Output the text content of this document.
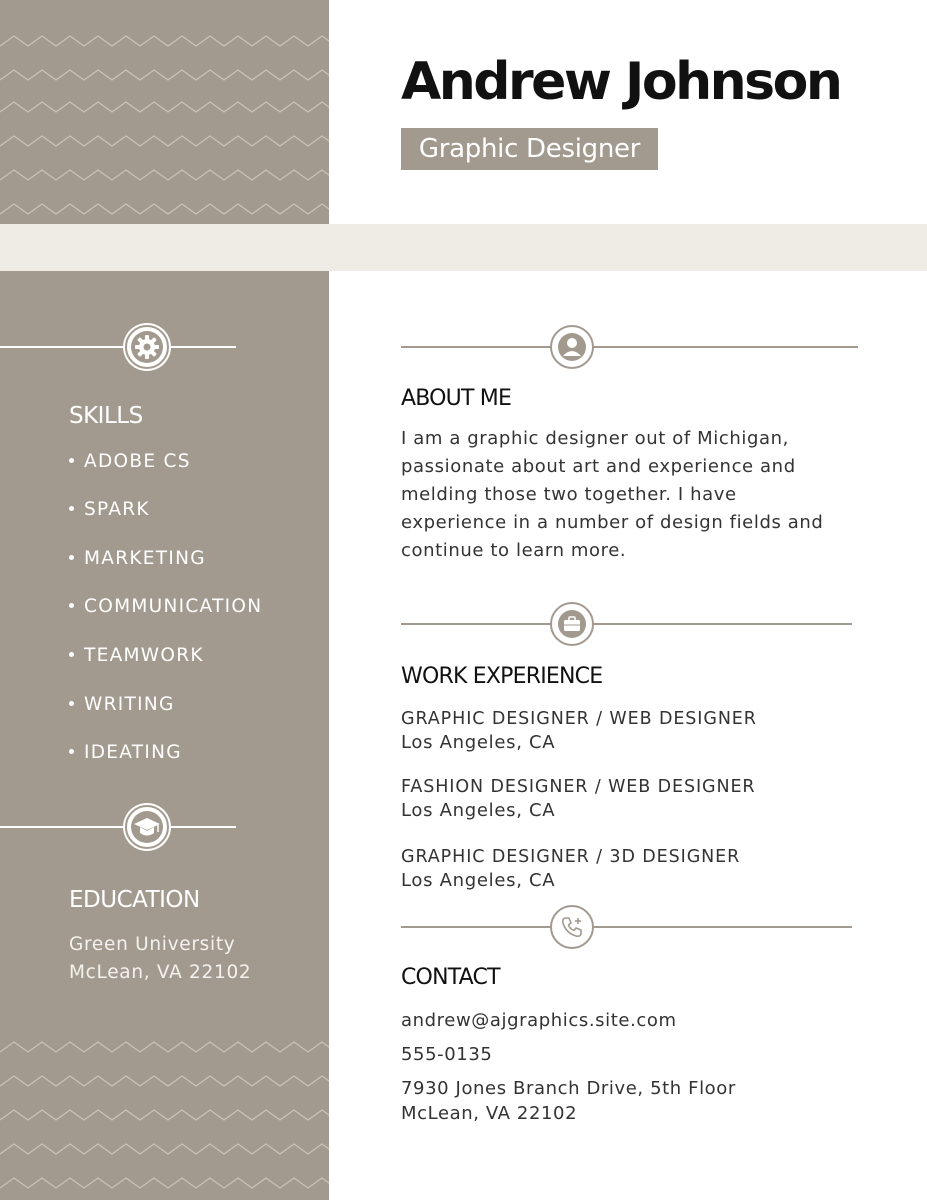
SKILLS
ADOBE CS
SPARK
MARKETING
COMMUNICATION
TEAMWORK
WRITING
IDEATING
EDUCATION
Green University
McLean, VA 22102
Andrew Johnson
Graphic Designer
ABOUT ME
I am a graphic designer out of Michigan, passionate about art and experience and melding those two together. I have experience in a number of design fields and continue to learn more.
WORK EXPERIENCE
GRAPHIC DESIGNER / WEB DESIGNER
Los Angeles, CA
FASHION DESIGNER / WEB DESIGNER
Los Angeles, CA
GRAPHIC DESIGNER / 3D DESIGNER
Los Angeles, CA
CONTACT
andrew@ajgraphics.site.com
555-0135
7930 Jones Branch Drive, 5th Floor
McLean, VA 22102
